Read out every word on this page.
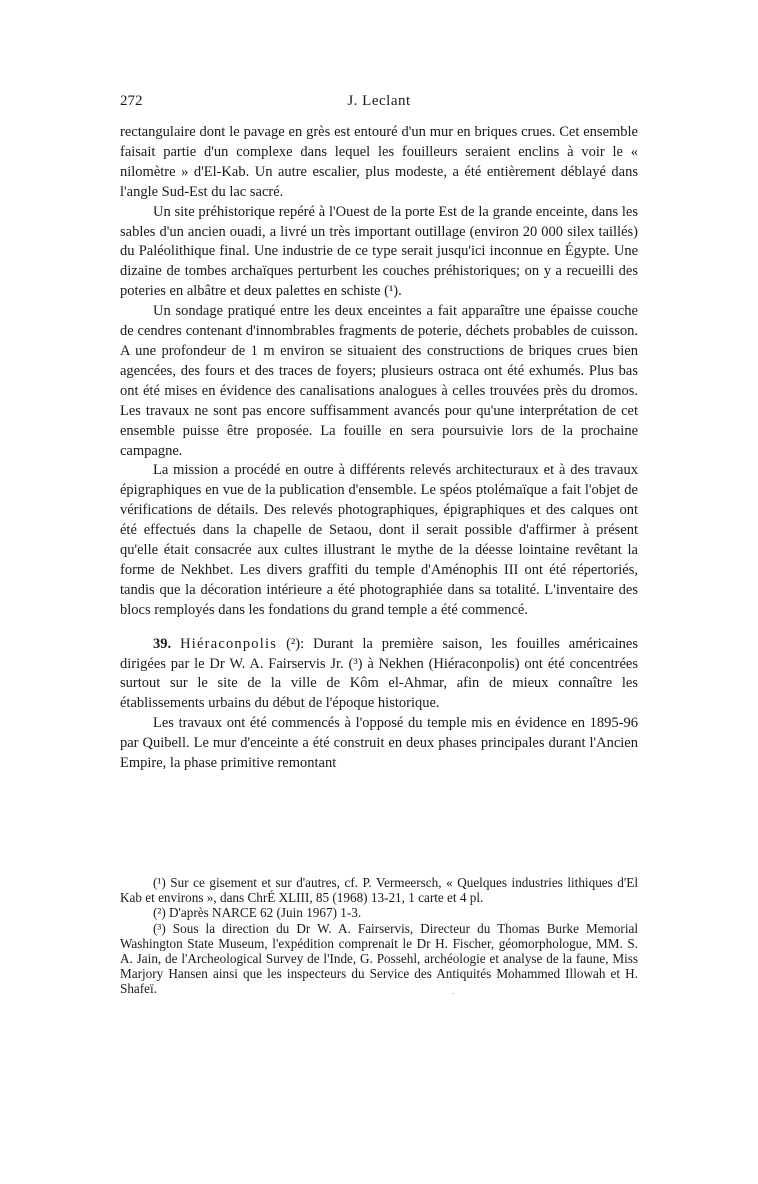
272	J. Leclant

rectangulaire dont le pavage en grès est entouré d'un mur en briques crues. Cet ensemble faisait partie d'un complexe dans lequel les fouilleurs seraient enclins à voir le « nilomètre » d'El-Kab. Un autre escalier, plus modeste, a été entièrement déblayé dans l'angle Sud-Est du lac sacré.

Un site préhistorique repéré à l'Ouest de la porte Est de la grande enceinte, dans les sables d'un ancien ouadi, a livré un très important outillage (environ 20 000 silex taillés) du Paléolithique final. Une industrie de ce type serait jusqu'ici inconnue en Égypte. Une dizaine de tombes archaïques perturbent les couches préhistoriques; on y a recueilli des poteries en albâtre et deux palettes en schiste (¹).

Un sondage pratiqué entre les deux enceintes a fait apparaître une épaisse couche de cendres contenant d'innombrables fragments de poterie, déchets probables de cuisson. A une profondeur de 1 m environ se situaient des constructions de briques crues bien agencées, des fours et des traces de foyers; plusieurs ostraca ont été exhumés. Plus bas ont été mises en évidence des canalisations analogues à celles trouvées près du dromos. Les travaux ne sont pas encore suffisamment avancés pour qu'une interprétation de cet ensemble puisse être proposée. La fouille en sera poursuivie lors de la prochaine campagne.

La mission a procédé en outre à différents relevés architecturaux et à des travaux épigraphiques en vue de la publication d'ensemble. Le spéos ptolémaïque a fait l'objet de vérifications de détails. Des relevés photographiques, épigraphiques et des calques ont été effectués dans la chapelle de Setaou, dont il serait possible d'affirmer à présent qu'elle était consacrée aux cultes illustrant le mythe de la déesse lointaine revêtant la forme de Nekhbet. Les divers graffiti du temple d'Aménophis III ont été répertoriés, tandis que la décoration intérieure a été photographiée dans sa totalité. L'inventaire des blocs remployés dans les fondations du grand temple a été commencé.

39. Hiéraconpolis (²): Durant la première saison, les fouilles américaines dirigées par le Dr W. A. Fairservis Jr. (³) à Nekhen (Hiéraconpolis) ont été concentrées surtout sur le site de la ville de Kôm el-Ahmar, afin de mieux connaître les établissements urbains du début de l'époque historique.

Les travaux ont été commencés à l'opposé du temple mis en évidence en 1895-96 par Quibell. Le mur d'enceinte a été construit en deux phases principales durant l'Ancien Empire, la phase primitive remontant

(¹) Sur ce gisement et sur d'autres, cf. P. Vermeersch, « Quelques industries lithiques d'El Kab et environs », dans ChrÉ XLIII, 85 (1968) 13-21, 1 carte et 4 pl.

(²) D'après NARCE 62 (Juin 1967) 1-3.

(³) Sous la direction du Dr W. A. Fairservis, Directeur du Thomas Burke Memorial Washington State Museum, l'expédition comprenait le Dr H. Fischer, géomorphologue, MM. S. A. Jain, de l'Archeological Survey de l'Inde, G. Possehl, archéologie et analyse de la faune, Miss Marjory Hansen ainsi que les inspecteurs du Service des Antiquités Mohammed Illowah et H. Shafeï.
